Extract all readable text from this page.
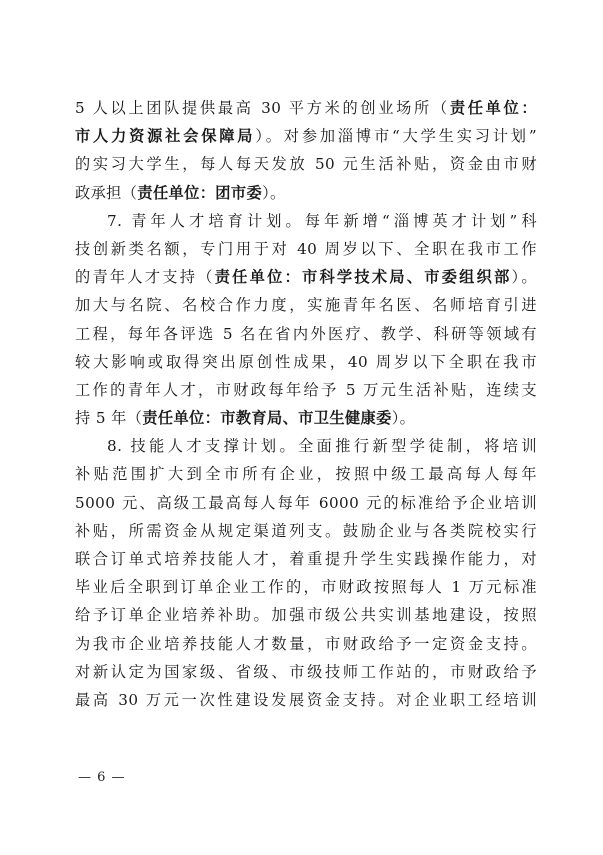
5 人以上团队提供最高 30 平方米的创业场所（责任单位：
市人力资源社会保障局）。对参加淄博市“大学生实习计划”
的实习大学生，每人每天发放 50 元生活补贴，资金由市财
政承担（责任单位：团市委）。
7. 青年人才培育计划。每年新增“淄博英才计划”科
技创新类名额，专门用于对 40 周岁以下、全职在我市工作
的青年人才支持（责任单位：市科学技术局、市委组织部）。
加大与名院、名校合作力度，实施青年名医、名师培育引进
工程，每年各评选 5 名在省内外医疗、教学、科研等领域有
较大影响或取得突出原创性成果，40 周岁以下全职在我市
工作的青年人才，市财政每年给予 5 万元生活补贴，连续支
持 5 年（责任单位：市教育局、市卫生健康委）。
8. 技能人才支撑计划。全面推行新型学徒制，将培训
补贴范围扩大到全市所有企业，按照中级工最高每人每年
5000 元、高级工最高每人每年 6000 元的标准给予企业培训
补贴，所需资金从规定渠道列支。鼓励企业与各类院校实行
联合订单式培养技能人才，着重提升学生实践操作能力，对
毕业后全职到订单企业工作的，市财政按照每人 1 万元标准
给予订单企业培养补助。加强市级公共实训基地建设，按照
为我市企业培养技能人才数量，市财政给予一定资金支持。
对新认定为国家级、省级、市级技师工作站的，市财政给予
最高 30 万元一次性建设发展资金支持。对企业职工经培训
— 6 —
